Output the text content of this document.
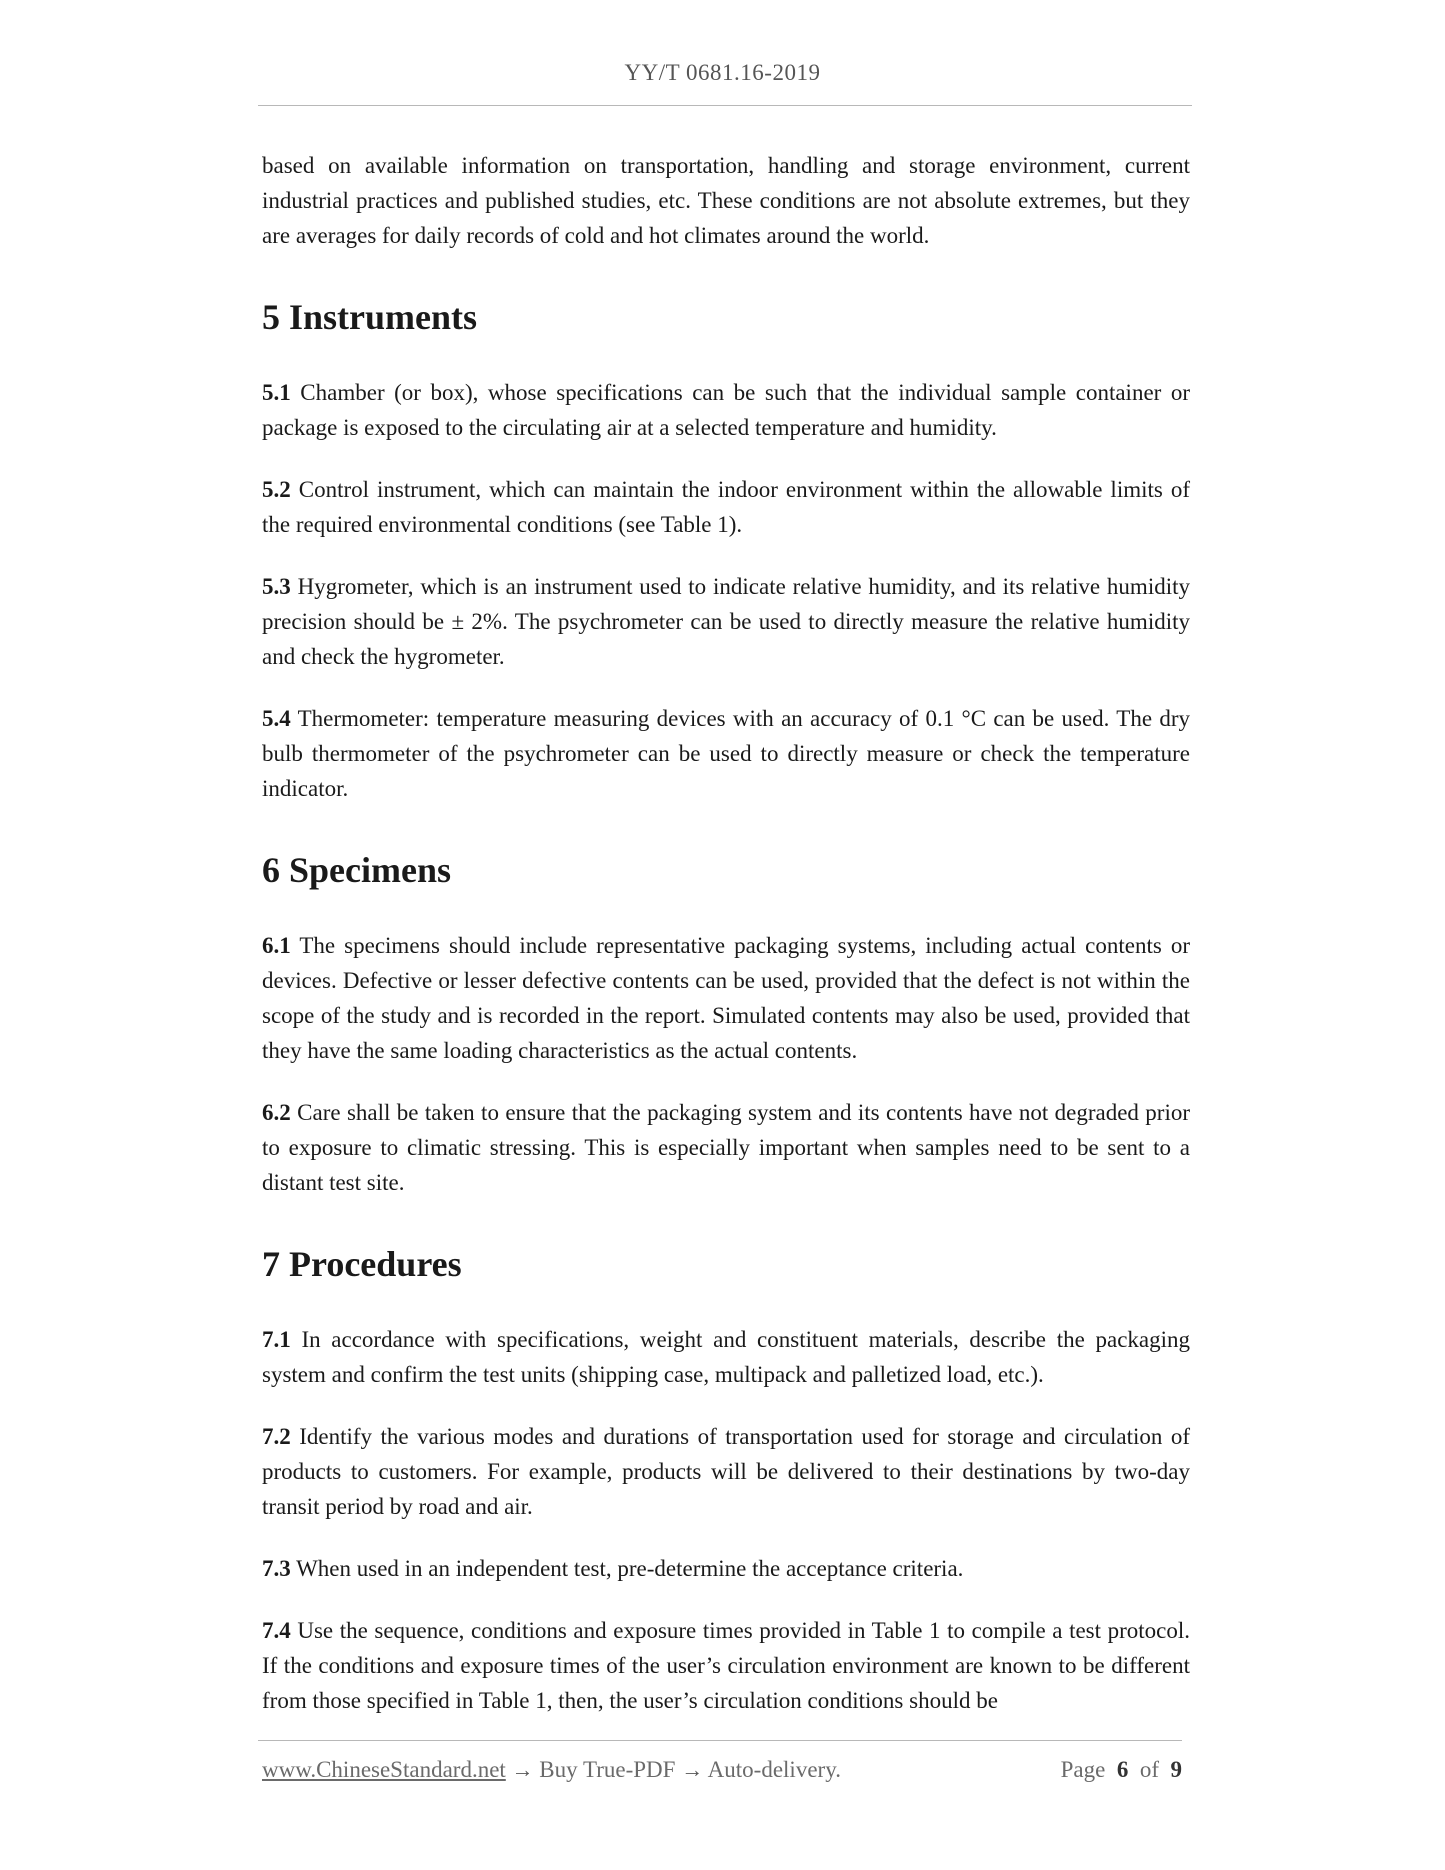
YY/T 0681.16-2019

based on available information on transportation, handling and storage environment, current industrial practices and published studies, etc. These conditions are not absolute extremes, but they are averages for daily records of cold and hot climates around the world.

5 Instruments

5.1 Chamber (or box), whose specifications can be such that the individual sample container or package is exposed to the circulating air at a selected temperature and humidity.

5.2 Control instrument, which can maintain the indoor environment within the allowable limits of the required environmental conditions (see Table 1).

5.3 Hygrometer, which is an instrument used to indicate relative humidity, and its relative humidity precision should be ± 2%. The psychrometer can be used to directly measure the relative humidity and check the hygrometer.

5.4 Thermometer: temperature measuring devices with an accuracy of 0.1 °C can be used. The dry bulb thermometer of the psychrometer can be used to directly measure or check the temperature indicator.

6 Specimens

6.1 The specimens should include representative packaging systems, including actual contents or devices. Defective or lesser defective contents can be used, provided that the defect is not within the scope of the study and is recorded in the report. Simulated contents may also be used, provided that they have the same loading characteristics as the actual contents.

6.2 Care shall be taken to ensure that the packaging system and its contents have not degraded prior to exposure to climatic stressing. This is especially important when samples need to be sent to a distant test site.

7 Procedures

7.1 In accordance with specifications, weight and constituent materials, describe the packaging system and confirm the test units (shipping case, multipack and palletized load, etc.).

7.2 Identify the various modes and durations of transportation used for storage and circulation of products to customers. For example, products will be delivered to their destinations by two-day transit period by road and air.

7.3 When used in an independent test, pre-determine the acceptance criteria.

7.4 Use the sequence, conditions and exposure times provided in Table 1 to compile a test protocol. If the conditions and exposure times of the user’s circulation environment are known to be different from those specified in Table 1, then, the user’s circulation conditions should be

www.ChineseStandard.net → Buy True-PDF → Auto-delivery.	Page 6 of 9
